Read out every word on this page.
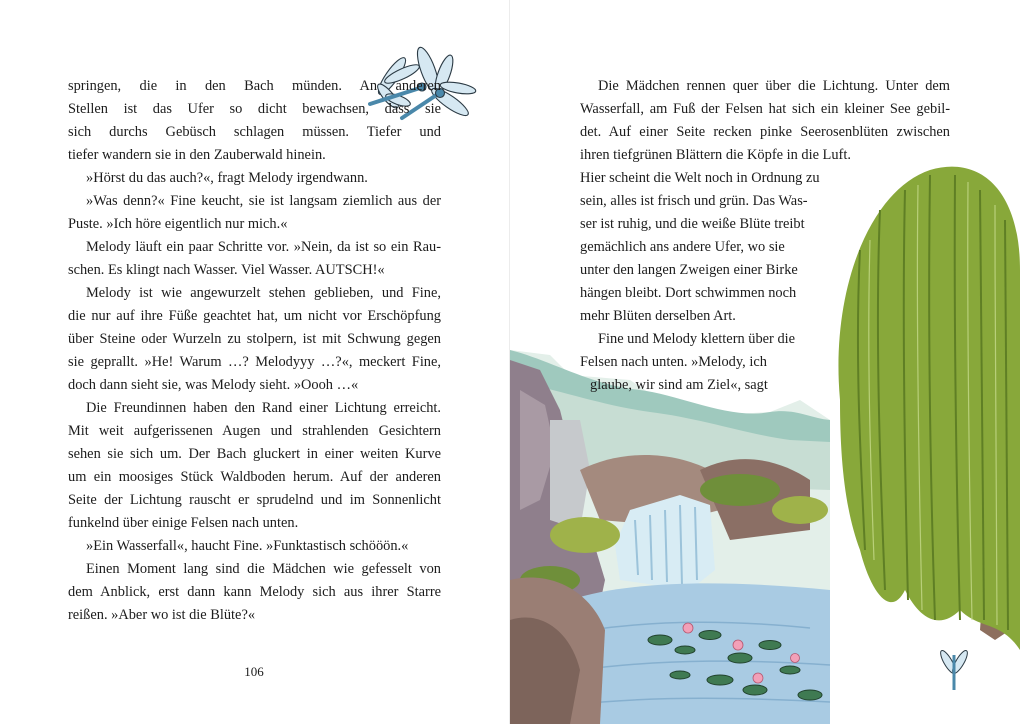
springen, die in den Bach münden. An anderen
Stellen ist das Ufer so dicht bewachsen, dass sie
sich durchs Gebüsch schlagen müssen. Tiefer und
tiefer wandern sie in den Zauberwald hinein.
»Hörst du das auch?«, fragt Melody irgendwann.
»Was denn?« Fine keucht, sie ist langsam ziemlich aus der
Puste. »Ich höre eigentlich nur mich.«
Melody läuft ein paar Schritte vor. »Nein, da ist so ein Rau-
schen. Es klingt nach Wasser. Viel Wasser. AUTSCH!«
Melody ist wie angewurzelt stehen geblieben, und Fine,
die nur auf ihre Füße geachtet hat, um nicht vor Erschöpfung
über Steine oder Wurzeln zu stolpern, ist mit Schwung gegen
sie geprallt. »He! Warum …? Melodyyy …?«, meckert Fine,
doch dann sieht sie, was Melody sieht. »Oooh …«
Die Freundinnen haben den Rand einer Lichtung erreicht.
Mit weit aufgerissenen Augen und strahlenden Gesichtern
sehen sie sich um. Der Bach gluckert in einer weiten Kurve
um ein moosiges Stück Waldboden herum. Auf der anderen
Seite der Lichtung rauscht er sprudelnd und im Sonnenlicht
funkelnd über einige Felsen nach unten.
»Ein Wasserfall«, haucht Fine. »Funktastisch schööön.«
Einen Moment lang sind die Mädchen wie gefesselt von
dem Anblick, erst dann kann Melody sich aus ihrer Starre
reißen. »Aber wo ist die Blüte?«
106
Die Mädchen rennen quer über die Lichtung. Unter dem
Wasserfall, am Fuß der Felsen hat sich ein kleiner See gebil-
det. Auf einer Seite recken pinke Seerosenblüten zwischen
ihren tiefgrünen Blättern die Köpfe in die Luft.
Hier scheint die Welt noch in Ordnung zu
sein, alles ist frisch und grün. Das Was-
ser ist ruhig, und die weiße Blüte treibt
gemächlich ans andere Ufer, wo sie
unter den langen Zweigen einer Birke
hängen bleibt. Dort schwimmen noch
mehr Blüten derselben Art.
Fine und Melody klettern über die
Felsen nach unten. »Melody, ich
glaube, wir sind am Ziel«, sagt
